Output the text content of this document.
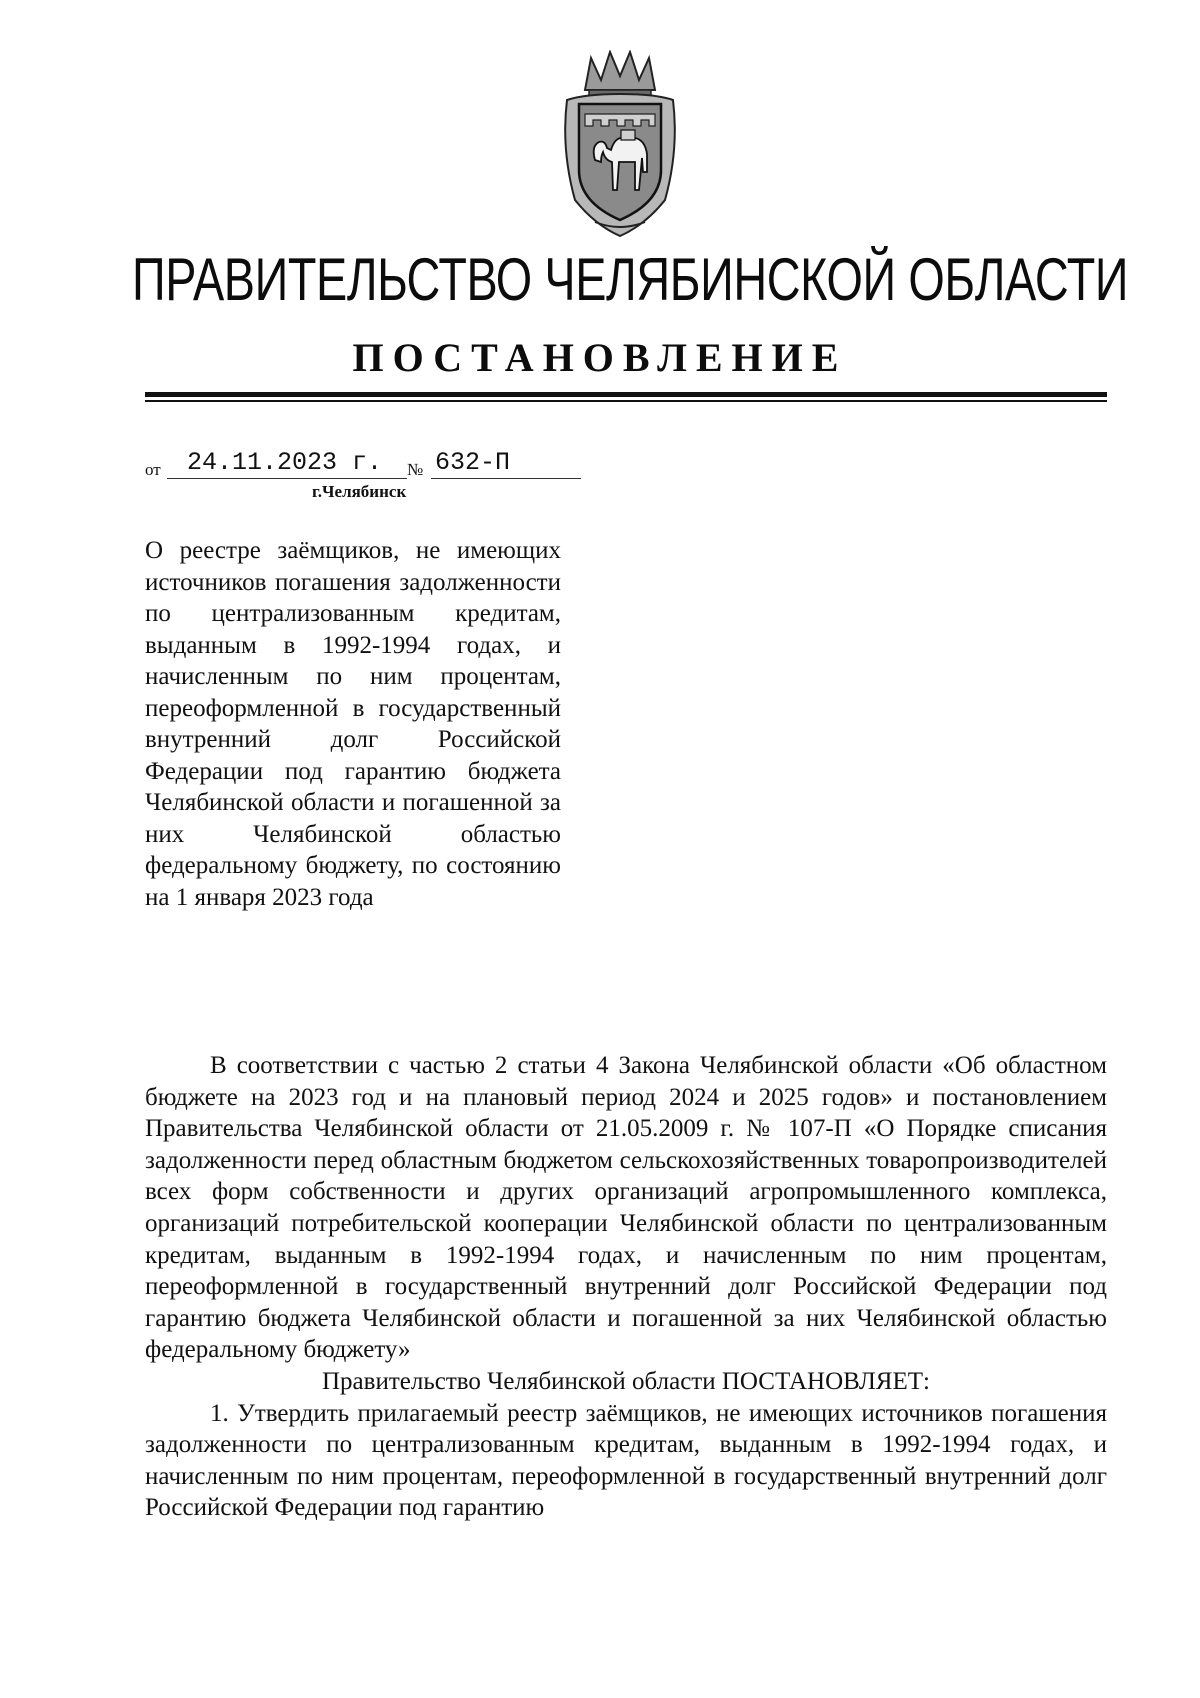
ПРАВИТЕЛЬСТВО ЧЕЛЯБИНСКОЙ ОБЛАСТИ
ПОСТАНОВЛЕНИЕ
от 24.11.2023 г. № 632-П
г.Челябинск
О реестре заёмщиков, не имеющих источников погашения задолженности по централизованным кредитам, выданным в 1992-1994 годах, и начисленным по ним процентам, переоформленной в государственный внутренний долг Российской Федерации под гарантию бюджета Челябинской области и погашенной за них Челябинской областью федеральному бюджету, по состоянию на 1 января 2023 года

В соответствии с частью 2 статьи 4 Закона Челябинской области «Об областном бюджете на 2023 год и на плановый период 2024 и 2025 годов» и постановлением Правительства Челябинской области от 21.05.2009 г. № 107-П «О Порядке списания задолженности перед областным бюджетом сельскохозяйственных товаропроизводителей всех форм собственности и других организаций агропромышленного комплекса, организаций потребительской кооперации Челябинской области по централизованным кредитам, выданным в 1992-1994 годах, и начисленным по ним процентам, переоформленной в государственный внутренний долг Российской Федерации под гарантию бюджета Челябинской области и погашенной за них Челябинской областью федеральному бюджету»

Правительство Челябинской области ПОСТАНОВЛЯЕТ:

1. Утвердить прилагаемый реестр заёмщиков, не имеющих источников погашения задолженности по централизованным кредитам, выданным в 1992-1994 годах, и начисленным по ним процентам, переоформленной в государственный внутренний долг Российской Федерации под гарантию
